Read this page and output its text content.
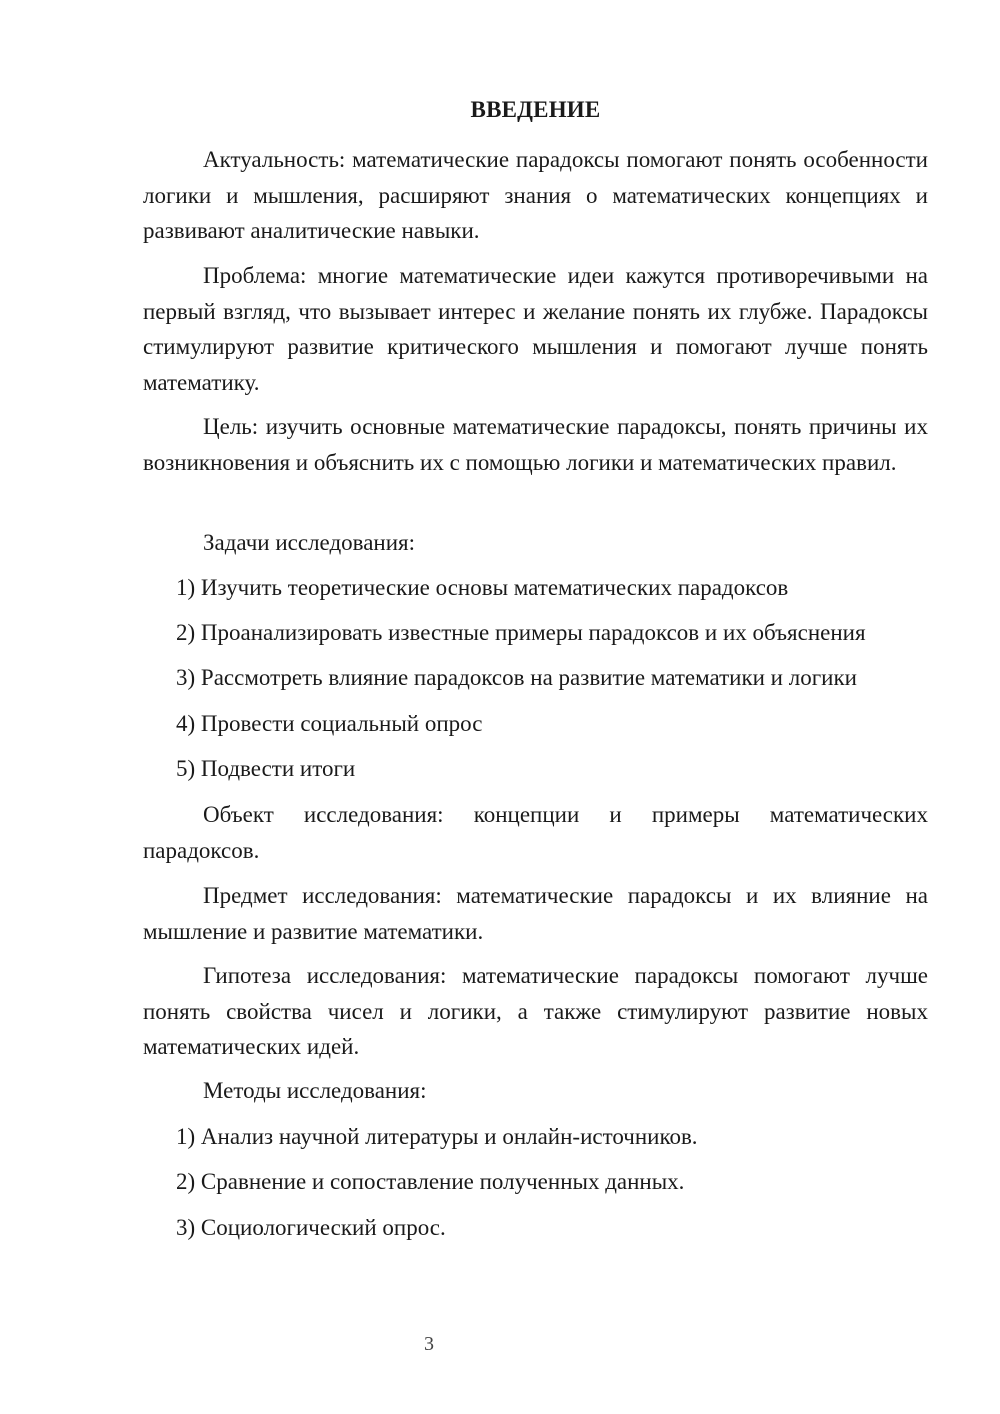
ВВЕДЕНИЕ
Актуальность: математические парадоксы помогают понять особенности логики и мышления, расширяют знания о математических концепциях и развивают аналитические навыки.
Проблема: многие математические идеи кажутся противоречивыми на первый взгляд, что вызывает интерес и желание понять их глубже. Парадоксы стимулируют развитие критического мышления и помогают лучше понять математику.
Цель: изучить основные математические парадоксы, понять причины их возникновения и объяснить их с помощью логики и математических правил.
Задачи исследования:
1) Изучить теоретические основы математических парадоксов
2) Проанализировать известные примеры парадоксов и их объяснения
3) Рассмотреть влияние парадоксов на развитие математики и логики
4) Провести социальный опрос
5) Подвести итоги
Объект исследования: концепции и примеры математических парадоксов.
Предмет исследования: математические парадоксы и их влияние на мышление и развитие математики.
Гипотеза исследования: математические парадоксы помогают лучше понять свойства чисел и логики, а также стимулируют развитие новых математических идей.
Методы исследования:
1) Анализ научной литературы и онлайн-источников.
2) Сравнение и сопоставление полученных данных.
3) Социологический опрос.
3
